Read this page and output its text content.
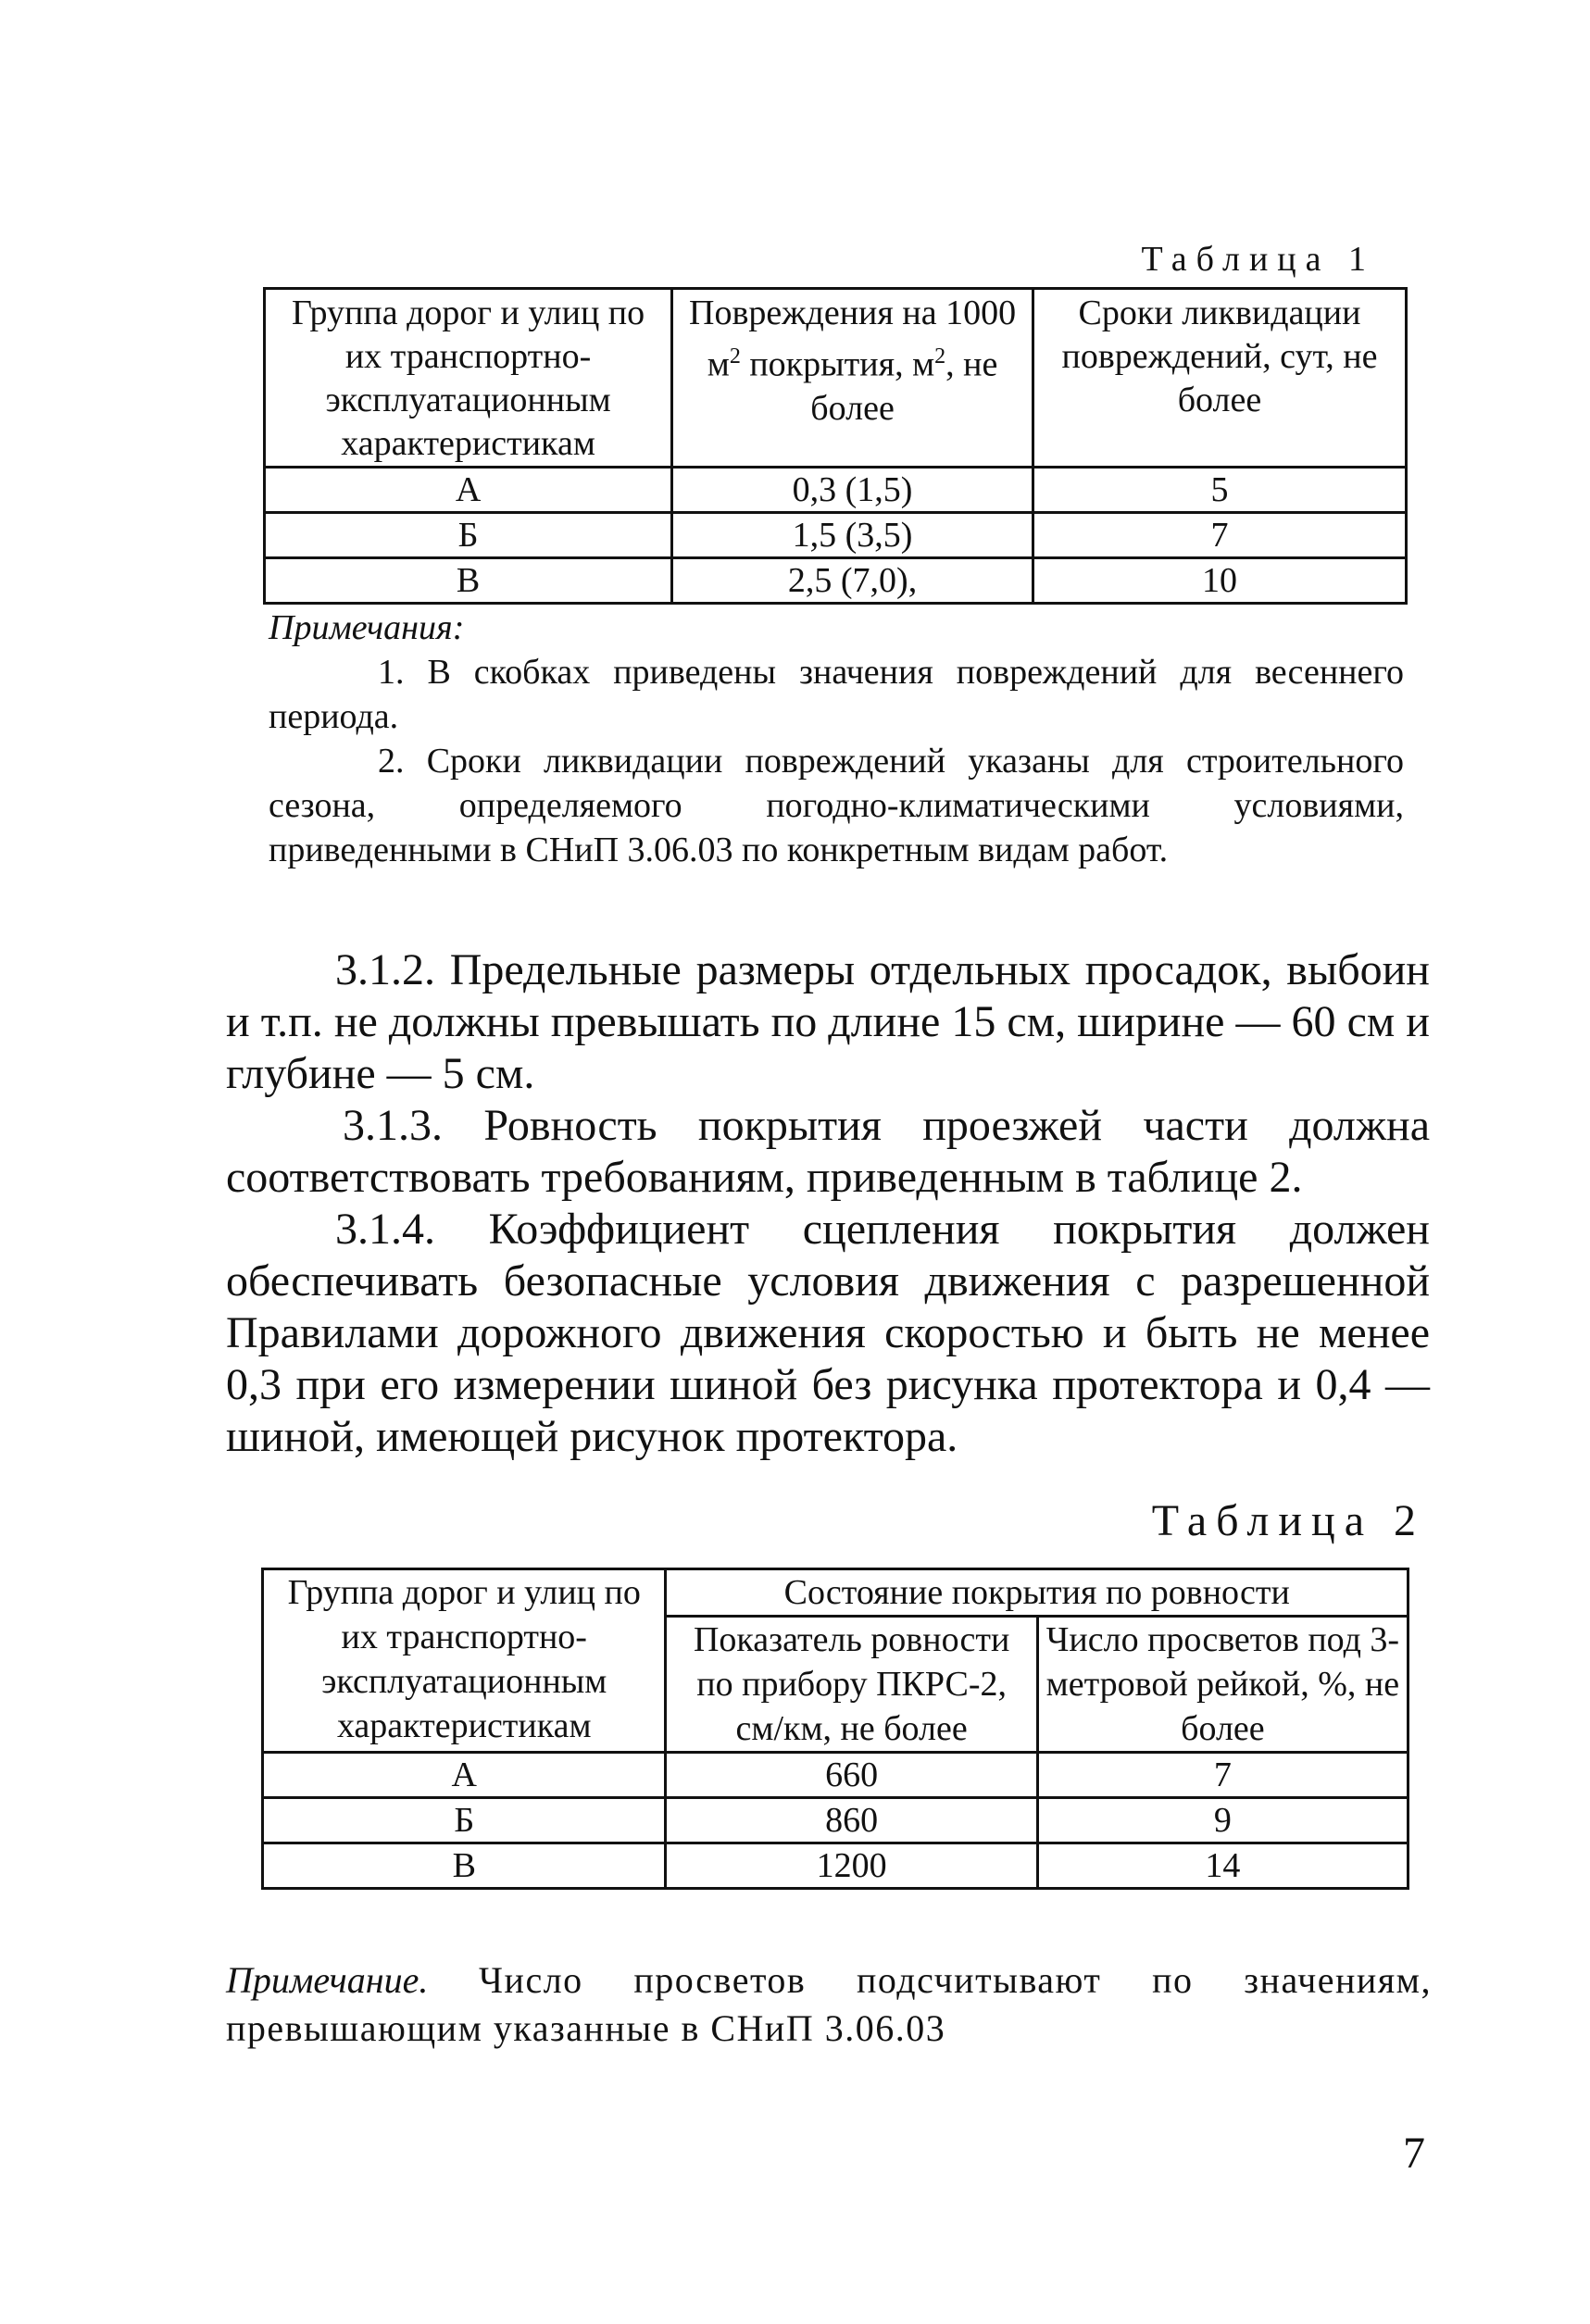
Таблица 1
Группа дорог и улиц по их транспортно-эксплуатационным характеристикам	Повреждения на 1000 $м^2$ покрытия, $м^2$, не более	Сроки ликвидации повреждений, сут, не более
А	0,3 (1,5)	5
Б	1,5 (3,5)	7
В	2,5 (7,0),	10
Примечания:

1. В скобках приведены значения повреждений для весеннего периода.

2. Сроки ликвидации повреждений указаны для строительного сезона, определяемого погодно-климатическими условиями, приведенными в СНиП 3.06.03 по конкретным видам работ.

3.1.2. Предельные размеры отдельных просадок, выбоин и т.п. не должны превышать по длине 15 см, ширине — 60 см и глубине — 5 см.

3.1.3. Ровность покрытия проезжей части должна соответствовать требованиям, приведенным в таблице 2.

3.1.4. Коэффициент сцепления покрытия должен обеспечивать безопасные условия движения с разрешенной Правилами дорожного движения скоростью и быть не менее 0,3 при его измерении шиной без рисунка протектора и 0,4 — шиной, имеющей рисунок протектора.

Таблица 2
Группа дорог и улиц по их транспортно-эксплуатационным характеристикам	Состояние покрытия по ровности	
	Показатель ровности по прибору ПКРС-2, см/км, не более	Число просветов под 3-метровой рейкой, %, не более
А	660	7
Б	860	9
В	1200	14
Примечание. Число просветов подсчитывают по значениям, превышающим указанные в СНиП 3.06.03
7
